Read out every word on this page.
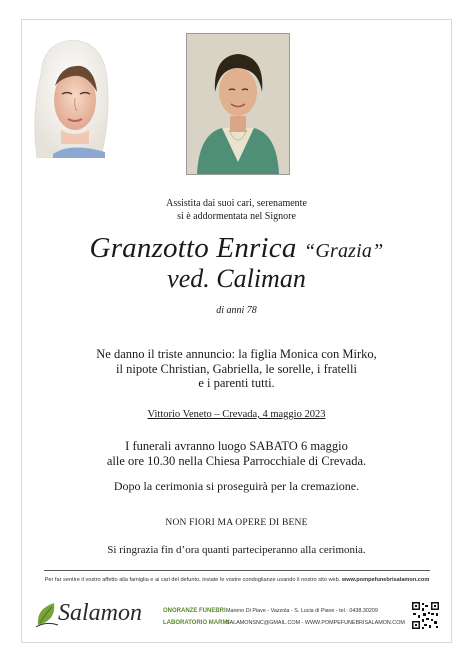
Assistita dai suoi cari, serenamente
si è addormentata nel Signore
Granzotto Enrica “Grazia”
ved. Caliman
di anni 78
Ne danno il triste annuncio: la figlia Monica con Mirko,
il nipote Christian, Gabriella, le sorelle, i fratelli
e i parenti tutti.
Vittorio Veneto – Crevada, 4 maggio 2023
I funerali avranno luogo SABATO 6 maggio
alle ore 10.30 nella Chiesa Parrocchiale di Crevada.
Dopo la cerimonia si proseguirà per la cremazione.
NON FIORI MA OPERE DI BENE
Si ringrazia fin d’ora quanti parteciperanno alla cerimonia.
Per far sentire il vostro affetto alla famiglia e ai cari del defunto, inviate le vostre condoglianze usando il nostro sito web. www.pompefunebrisalamon.com
Salamon	ONORANZE FUNEBRI
LABORATORIO MARMI
Mareno Di Piave - Vazzola - S. Lucia di Piave - tel.: 0438.30209
SALAMONSNC@GMAIL.COM - WWW.POMPEFUNEBRISALAMON.COM
